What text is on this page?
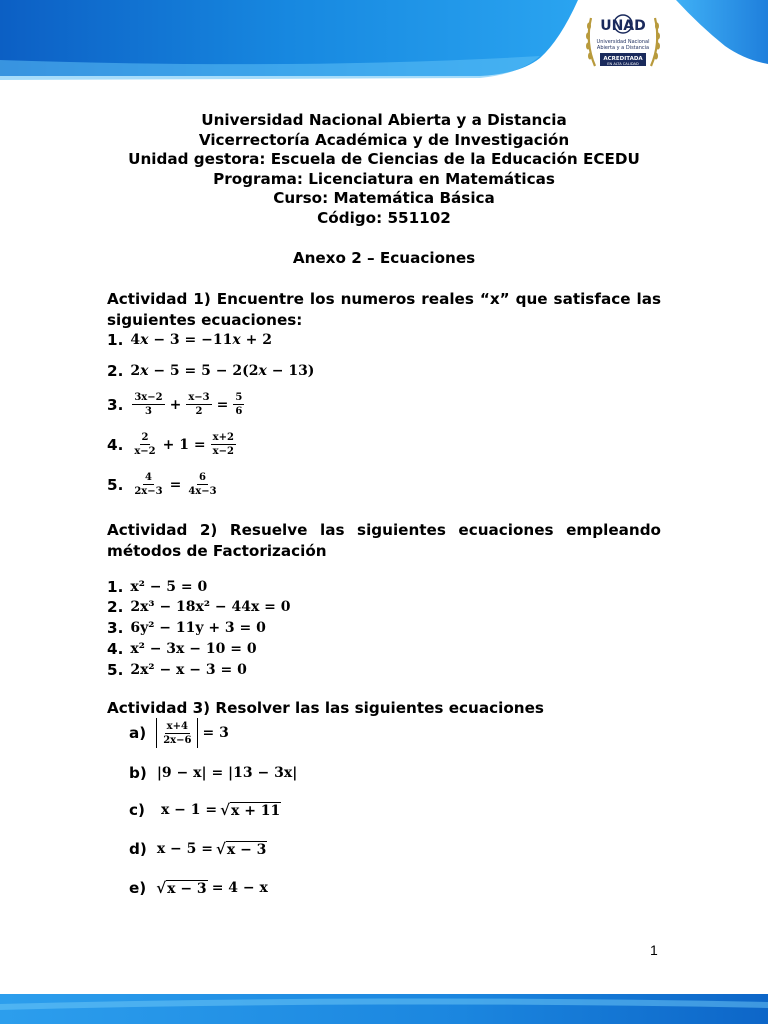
UNAD
Universidad Nacional
Abierta y a Distancia
ACREDITADA
EN ALTA CALIDAD
Universidad Nacional Abierta y a Distancia
Vicerrectoría Académica y de Investigación
Unidad gestora: Escuela de Ciencias de la Educación ECEDU
Programa: Licenciatura en Matemáticas
Curso: Matemática Básica
Código: 551102
Anexo 2 – Ecuaciones
Actividad 1) Encuentre los numeros reales “x” que satisface las siguientes ecuaciones:
1. 4x − 3 = −11x + 2
2. 2x − 5 = 5 − 2(2x − 13)
3. $\frac{3x-2}{3} + \frac{x-3}{2} = \frac{5}{6}$
4. $\frac{2}{x-2} + 1 = \frac{x+2}{x-2}$
5. $\frac{4}{2x-3} = \frac{6}{4x-3}$
Actividad 2) Resuelve las siguientes ecuaciones empleando métodos de Factorización
1. x² − 5 = 0
2. 2x³ − 18x² − 44x = 0
3. 6y² − 11y + 3 = 0
4. x² − 3x − 10 = 0
5. 2x² − x − 3 = 0
Actividad 3) Resolver las las siguientes ecuaciones
$a) \frac{x+4}{2x-6} = 3$
b) |9 − x| = |13 − 3x|
c) x − 1 = √ x + 11
d) x − 5 = √ x − 3
e) √ x − 3 = 4 − x
1
